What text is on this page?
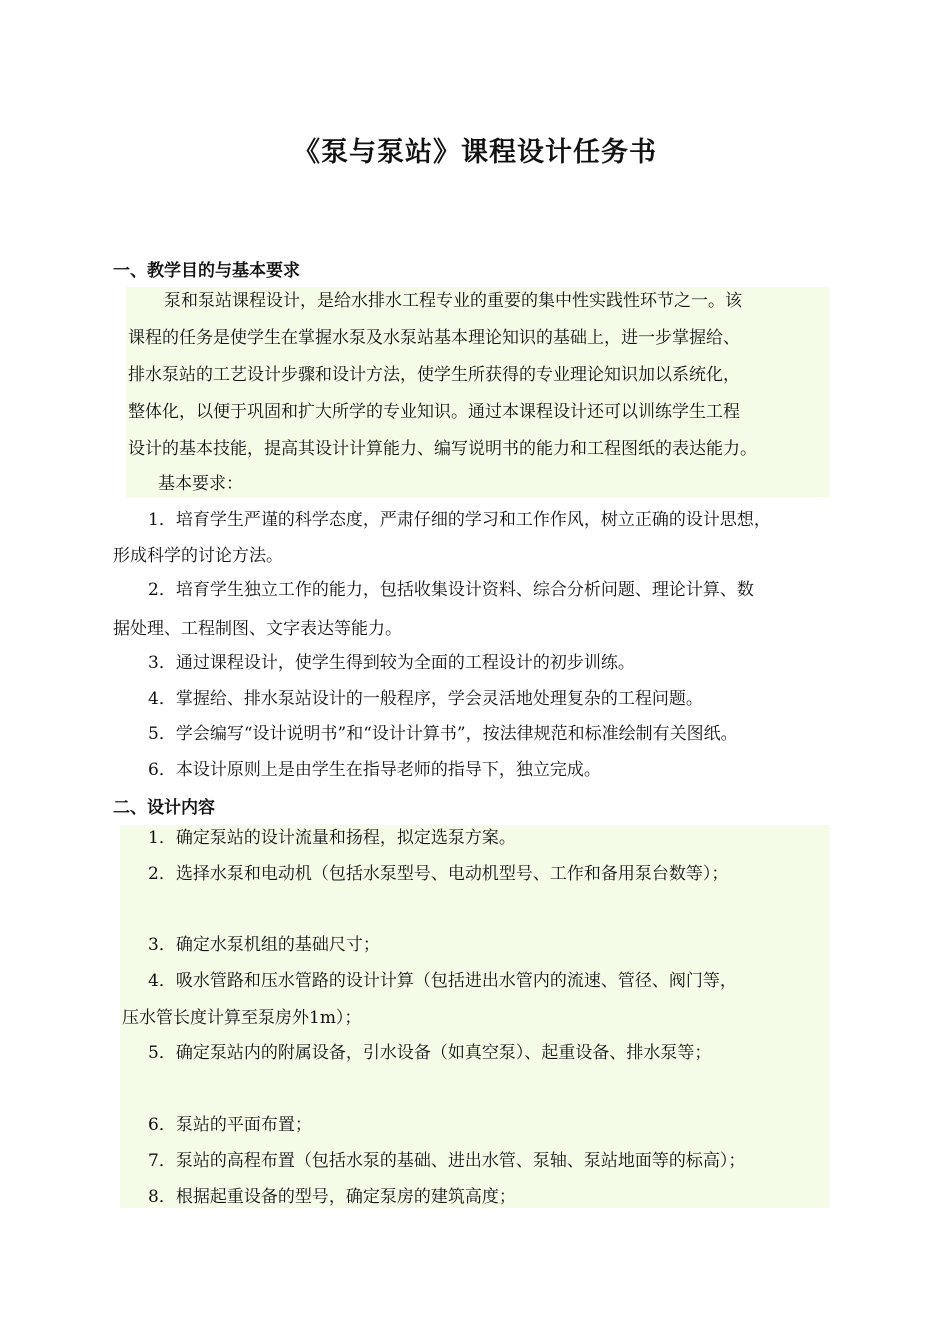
《泵与泵站》课程设计任务书
一、教学目的与基本要求
泵和泵站课程设计，是给水排水工程专业的重要的集中性实践性环节之一。该
课程的任务是使学生在掌握水泵及水泵站基本理论知识的基础上，进一步掌握给、
排水泵站的工艺设计步骤和设计方法，使学生所获得的专业理论知识加以系统化，
整体化，以便于巩固和扩大所学的专业知识。通过本课程设计还可以训练学生工程
设计的基本技能，提高其设计计算能力、编写说明书的能力和工程图纸的表达能力。
基本要求：
1．培育学生严谨的科学态度，严肃仔细的学习和工作作风，树立正确的设计思想，
形成科学的讨论方法。
2．培育学生独立工作的能力，包括收集设计资料、综合分析问题、理论计算、数
据处理、工程制图、文字表达等能力。
3．通过课程设计，使学生得到较为全面的工程设计的初步训练。
4．掌握给、排水泵站设计的一般程序，学会灵活地处理复杂的工程问题。
5．学会编写“设计说明书”和“设计计算书”，按法律规范和标准绘制有关图纸。
6．本设计原则上是由学生在指导老师的指导下，独立完成。
二、设计内容
1．确定泵站的设计流量和扬程，拟定选泵方案。
2．选择水泵和电动机（包括水泵型号、电动机型号、工作和备用泵台数等）；
3．确定水泵机组的基础尺寸；
4．吸水管路和压水管路的设计计算（包括进出水管内的流速、管径、阀门等，
压水管长度计算至泵房外1m）；
5．确定泵站内的附属设备，引水设备（如真空泵）、起重设备、排水泵等；
6．泵站的平面布置；
7．泵站的高程布置（包括水泵的基础、进出水管、泵轴、泵站地面等的标高）；
8．根据起重设备的型号，确定泵房的建筑高度；
